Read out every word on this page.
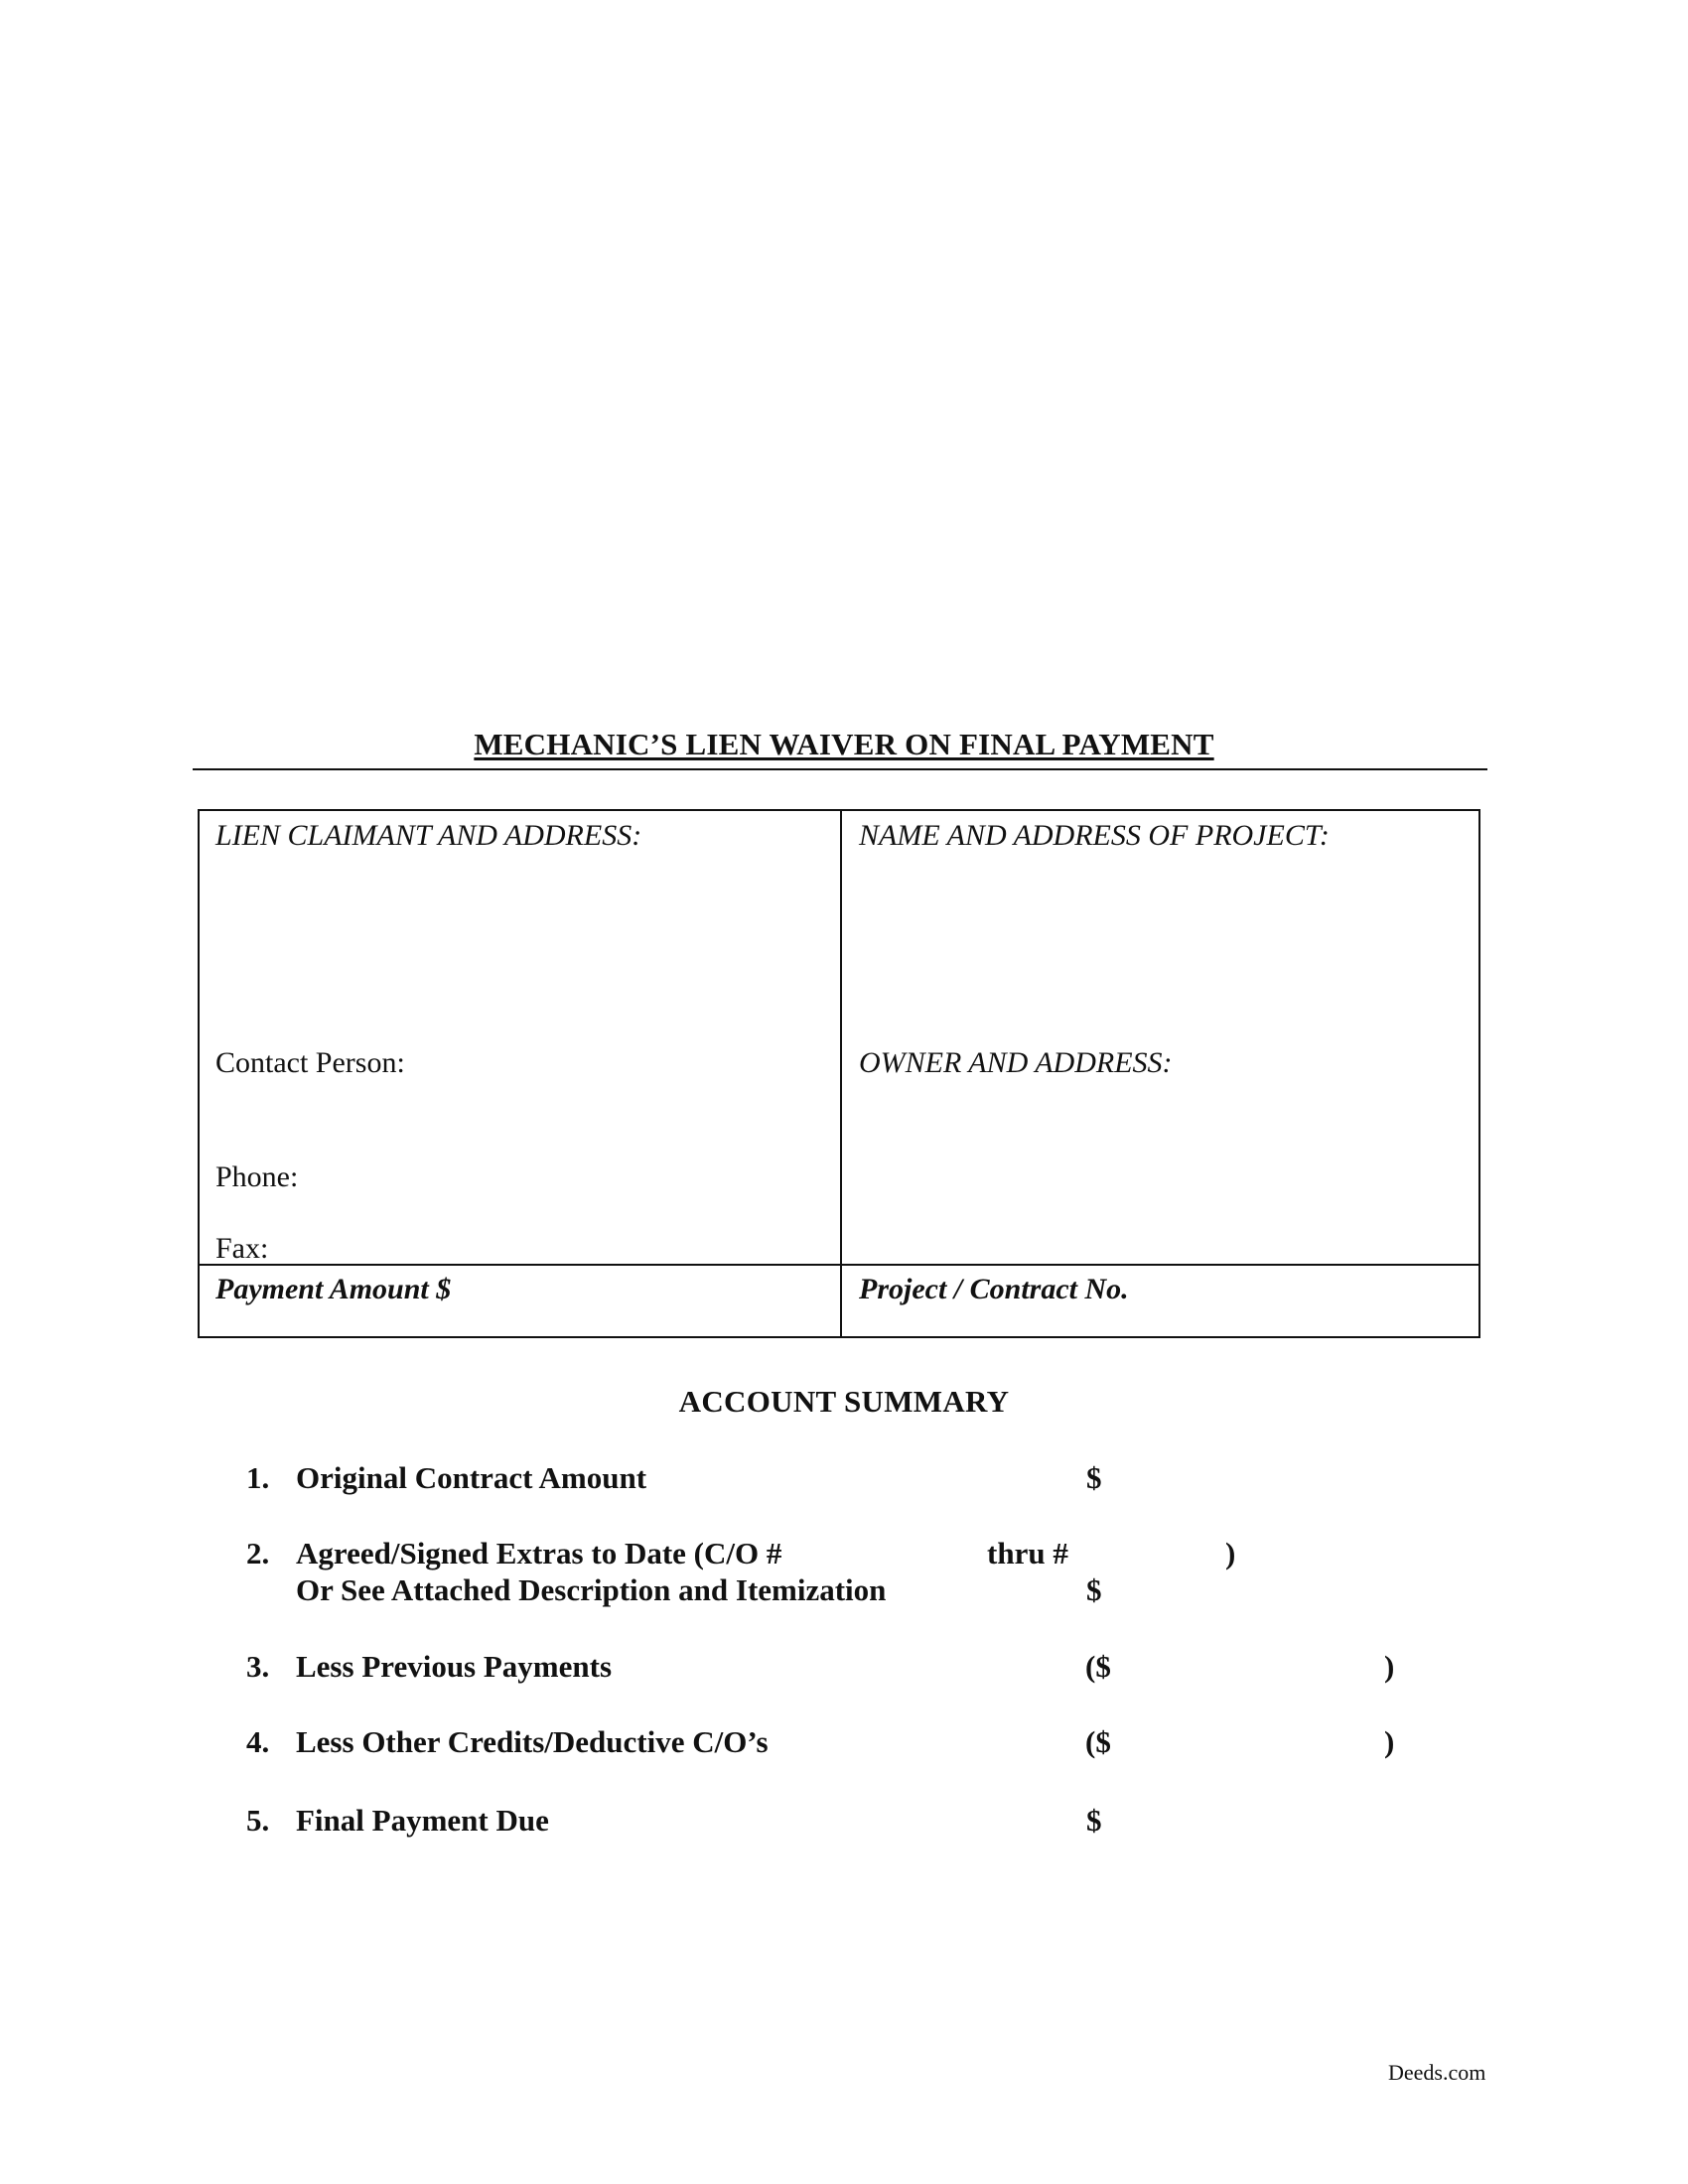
MECHANIC’S LIEN WAIVER ON FINAL PAYMENT
LIEN CLAIMANT AND ADDRESS:	NAME AND ADDRESS OF PROJECT:
Contact Person:	OWNER AND ADDRESS:
Phone:
Fax:
Payment Amount $	Project / Contract No.
ACCOUNT SUMMARY
1. Original Contract Amount	$
2. Agreed/Signed Extras to Date (C/O #	thru #	)
Or See Attached Description and Itemization	$
3. Less Previous Payments	($	)
4. Less Other Credits/Deductive C/O’s	($	)
5. Final Payment Due	$
Deeds.com
